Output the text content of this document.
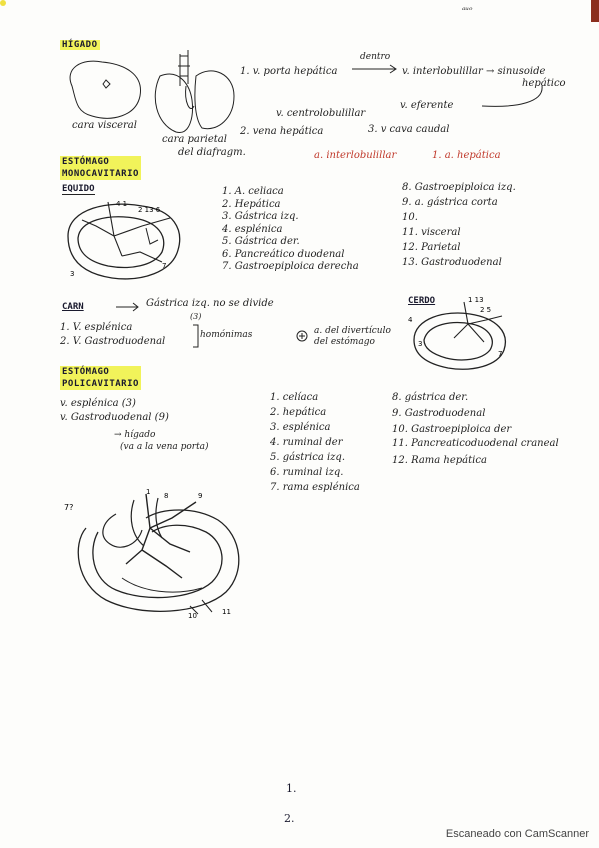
ᵃᵘᵒ
HÍGADO
cara visceral
cara parietal
del diafragm.
1. v. porta hepática
dentro
v. interlobulillar → sinusoide
hepático
v. centrolobulillar
v. eferente
2. vena hepática	3. v cava caudal
a. interlobulillar	1. a. hepática
ESTÓMAGO
MONOCAVITARIO
EQUIDO
3
7
4 1
2 13 6
1. A. celiaca
2. Hepática
3. Gástrica izq.
4. esplénica
5. Gástrica der.
6. Pancreático duodenal
7. Gastroepiploica derecha
8. Gastroepiploica izq.
9. a. gástrica corta
10.
11. visceral
12. Parietal
13. Gastroduodenal
CARN	Gástrica izq. no se divide
(3)
1. V. esplénica
2. V. Gastroduodenal
homónimas	a. del divertículo del estómago
CERDO	1 13
2 5
4
7
3
ESTÓMAGO
POLICAVITARIO
v. esplénica (3)
v. Gastroduodenal (9)
→ hígado
(va a la vena porta)
1. celíaca
2. hepática
3. esplénica
4. ruminal der
5. gástrica izq.
6. ruminal izq.
7. rama esplénica
8. gástrica der.
9. Gastroduodenal
10. Gastroepiploica der
11. Pancreaticoduodenal craneal
12. Rama hepática
7?
1 8	9
10	11
1.
2.
Escaneado con CamScanner
